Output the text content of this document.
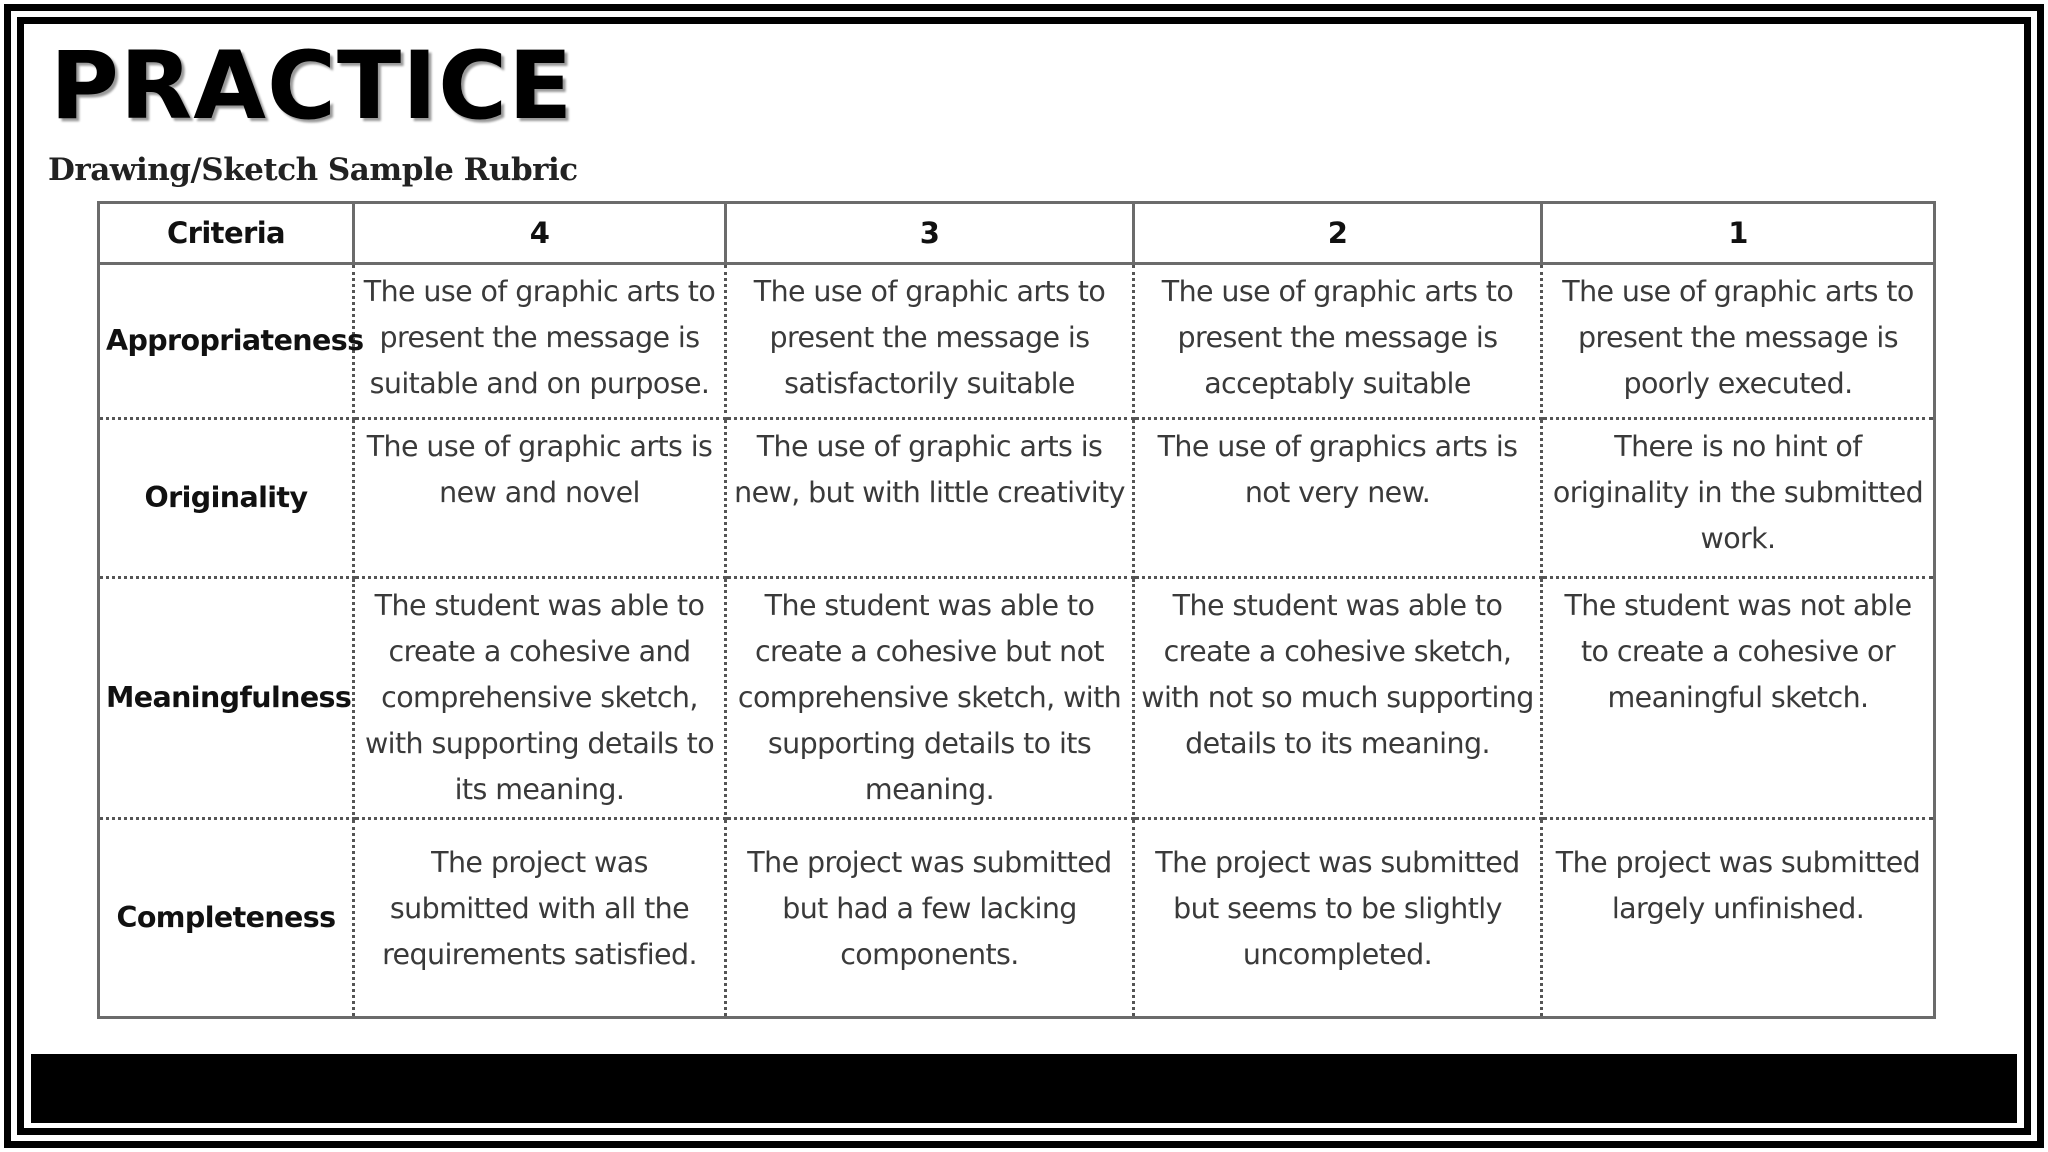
PRACTICE
Drawing/Sketch Sample Rubric
Criteria	4	3	2	1
Appropriateness	The use of graphic arts to present the message is suitable and on purpose.	The use of graphic arts to present the message is satisfactorily suitable	The use of graphic arts to present the message is acceptably suitable	The use of graphic arts to present the message is poorly executed.
Originality	The use of graphic arts is new and novel	The use of graphic arts is new, but with little creativity	The use of graphics arts is not very new.	There is no hint of originality in the submitted work.
Meaningfulness	The student was able to create a cohesive and comprehensive sketch, with supporting details to its meaning.	The student was able to create a cohesive but not comprehensive sketch, with supporting details to its meaning.	The student was able to create a cohesive sketch, with not so much supporting details to its meaning.	The student was not able to create a cohesive or meaningful sketch.
Completeness	The project was submitted with all the requirements satisfied.	The project was submitted but had a few lacking components.	The project was submitted but seems to be slightly uncompleted.	The project was submitted largely unfinished.
